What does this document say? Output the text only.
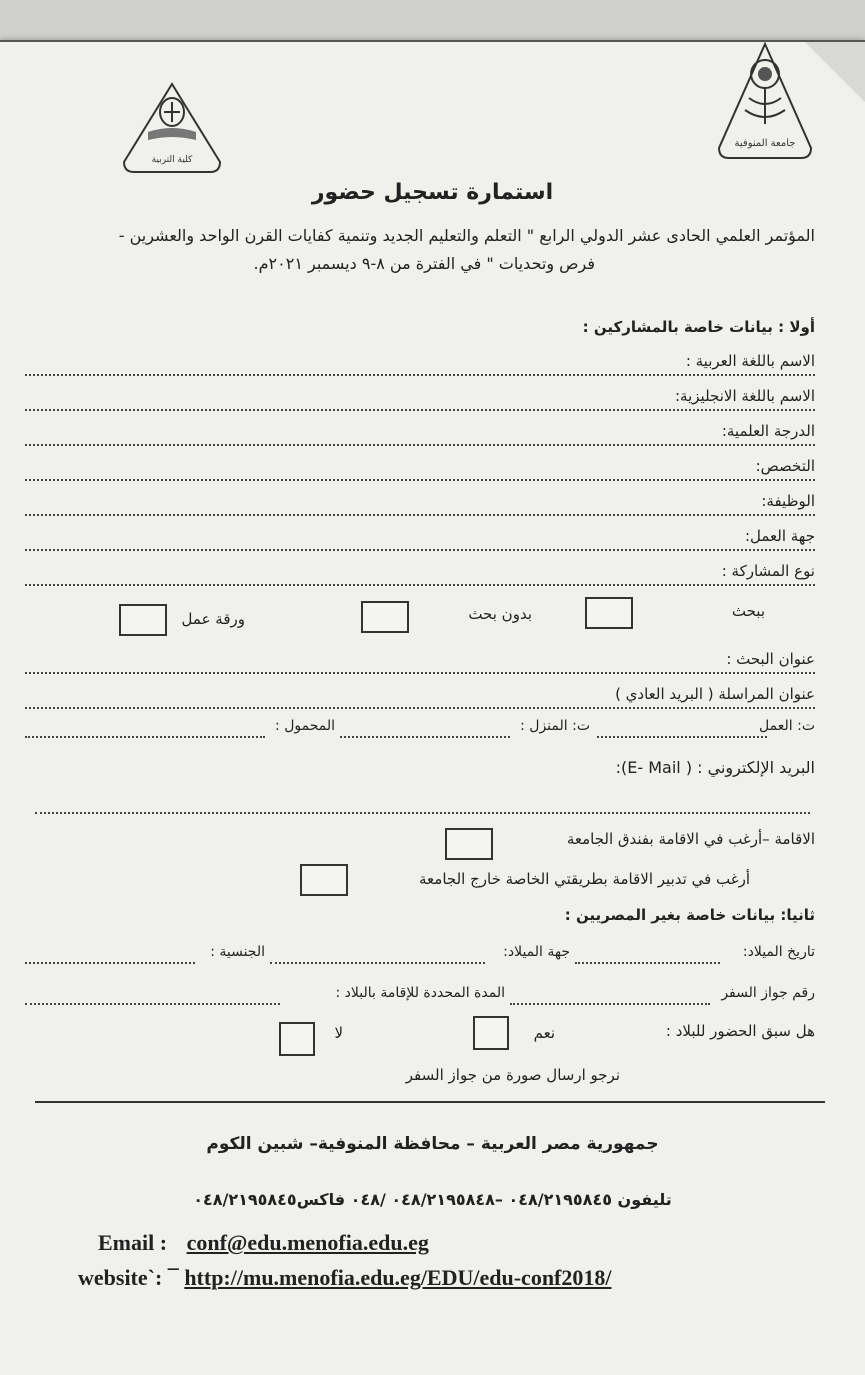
جامعة المنوفية
كلية التربية
استمارة تسجيل حضور
المؤتمر العلمي الحادى عشر الدولي الرابع " التعلم والتعليم الجديد وتنمية كفايات القرن الواحد والعشرين -
فرص وتحديات " في الفترة من ٨-٩ ديسمبر ٢٠٢١م.
أولا : بيانات خاصة بالمشاركين :
الاسم باللغة العربية :
الاسم باللغة الانجليزية:
الدرجة العلمية:
التخصص:
الوظيفة:
جهة العمل:
نوع المشاركة :
ببحث
بدون بحث
ورقة عمل
عنوان البحث :
عنوان المراسلة ( البريد العادي )
ت: العمل
ت: المنزل :
المحمول :
البريد الإلكتروني : ( E- Mail):
الاقامة –أرغب في الاقامة بفندق الجامعة
أرغب في تدبير الاقامة بطريقتي الخاصة خارج الجامعة
ثانيا: بيانات خاصة بغير المصريين :
تاريخ الميلاد:
جهة الميلاد:
الجنسية :
رقم جواز السفر
المدة المحددة للإقامة بالبلاد :
هل سبق الحضور للبلاد :
نعم
لا
نرجو ارسال صورة من جواز السفر
جمهورية مصر العربية – محافظة المنوفية– شبين الكوم
تليفون ٠٤٨/٢١٩٥٨٤٥ –٠٤٨/٢١٩٥٨٤٨ /٠٤٨ فاكس٠٤٨/٢١٩٥٨٤٥
Email : conf@edu.menofia.edu.eg
website`: ¯ http://mu.menofia.edu.eg/EDU/edu-conf2018/
